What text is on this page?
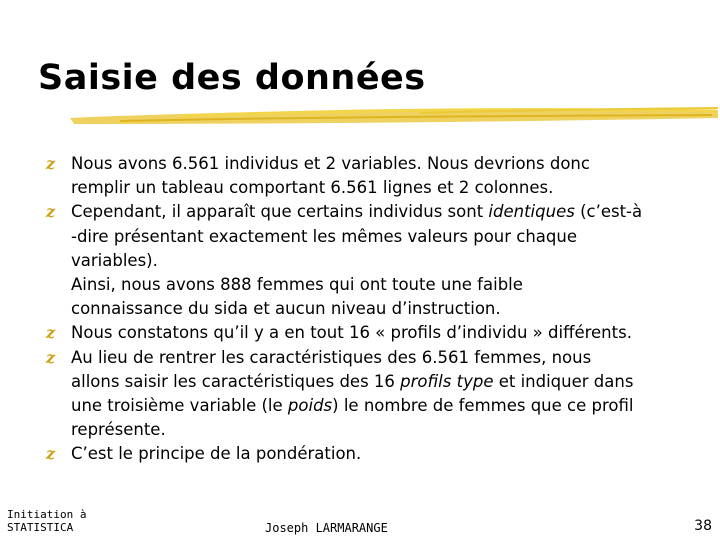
Saisie des données
z Nous avons 6.561 individus et 2 variables. Nous devrions donc
remplir un tableau comportant 6.561 lignes et 2 colonnes.
z Cependant, il apparaît que certains individus sont identiques (c’est-à
-dire présentant exactement les mêmes valeurs pour chaque
variables).
Ainsi, nous avons 888 femmes qui ont toute une faible
connaissance du sida et aucun niveau d’instruction.
z Nous constatons qu’il y a en tout 16 « profils d’individu » différents.
z Au lieu de rentrer les caractéristiques des 6.561 femmes, nous
allons saisir les caractéristiques des 16 profils type et indiquer dans
une troisième variable (le poids) le nombre de femmes que ce profil
représente.
z C’est le principe de la pondération.
Initiation à
STATISTICA	Joseph LARMARANGE	38
